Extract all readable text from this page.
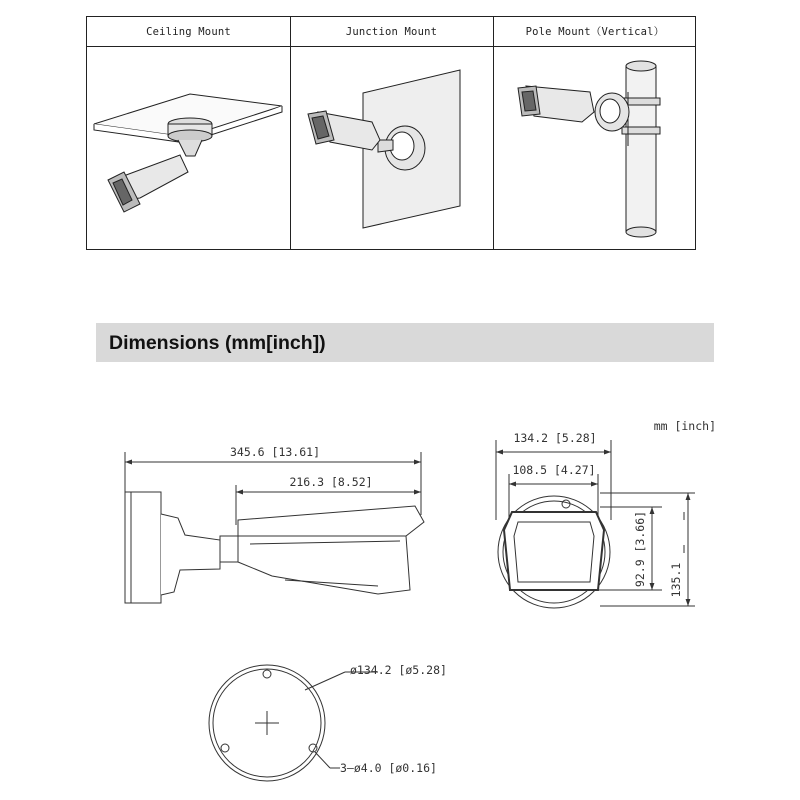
Ceiling Mount	Junction Mount	Pole Mount（Vertical）
Dimensions (mm[inch])
mm [inch]
345.6 [13.61]
216.3 [8.52]
134.2 [5.28]
108.5 [4.27]
92.9 [3.66] 135.1
ø134.2 [ø5.28]
3—ø4.0 [ø0.16]
